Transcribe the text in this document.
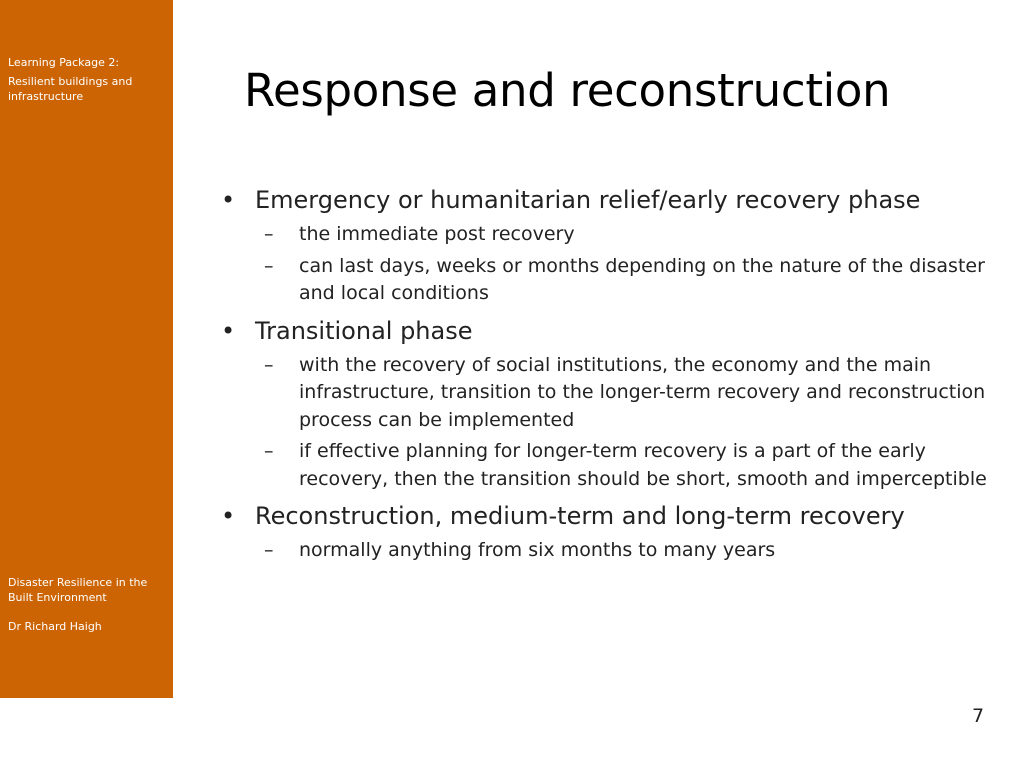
Learning Package 2:
Resilient buildings and infrastructure
Disaster Resilience in the Built Environment
Dr Richard Haigh
Response and reconstruction
• Emergency or humanitarian relief/early recovery phase
– the immediate post recovery
– can last days, weeks or months depending on the nature of the disaster and local conditions
• Transitional phase
– with the recovery of social institutions, the economy and the main infrastructure, transition to the longer-term recovery and reconstruction process can be implemented
– if effective planning for longer-term recovery is a part of the early recovery, then the transition should be short, smooth and imperceptible
• Reconstruction, medium-term and long-term recovery
– normally anything from six months to many years
7
